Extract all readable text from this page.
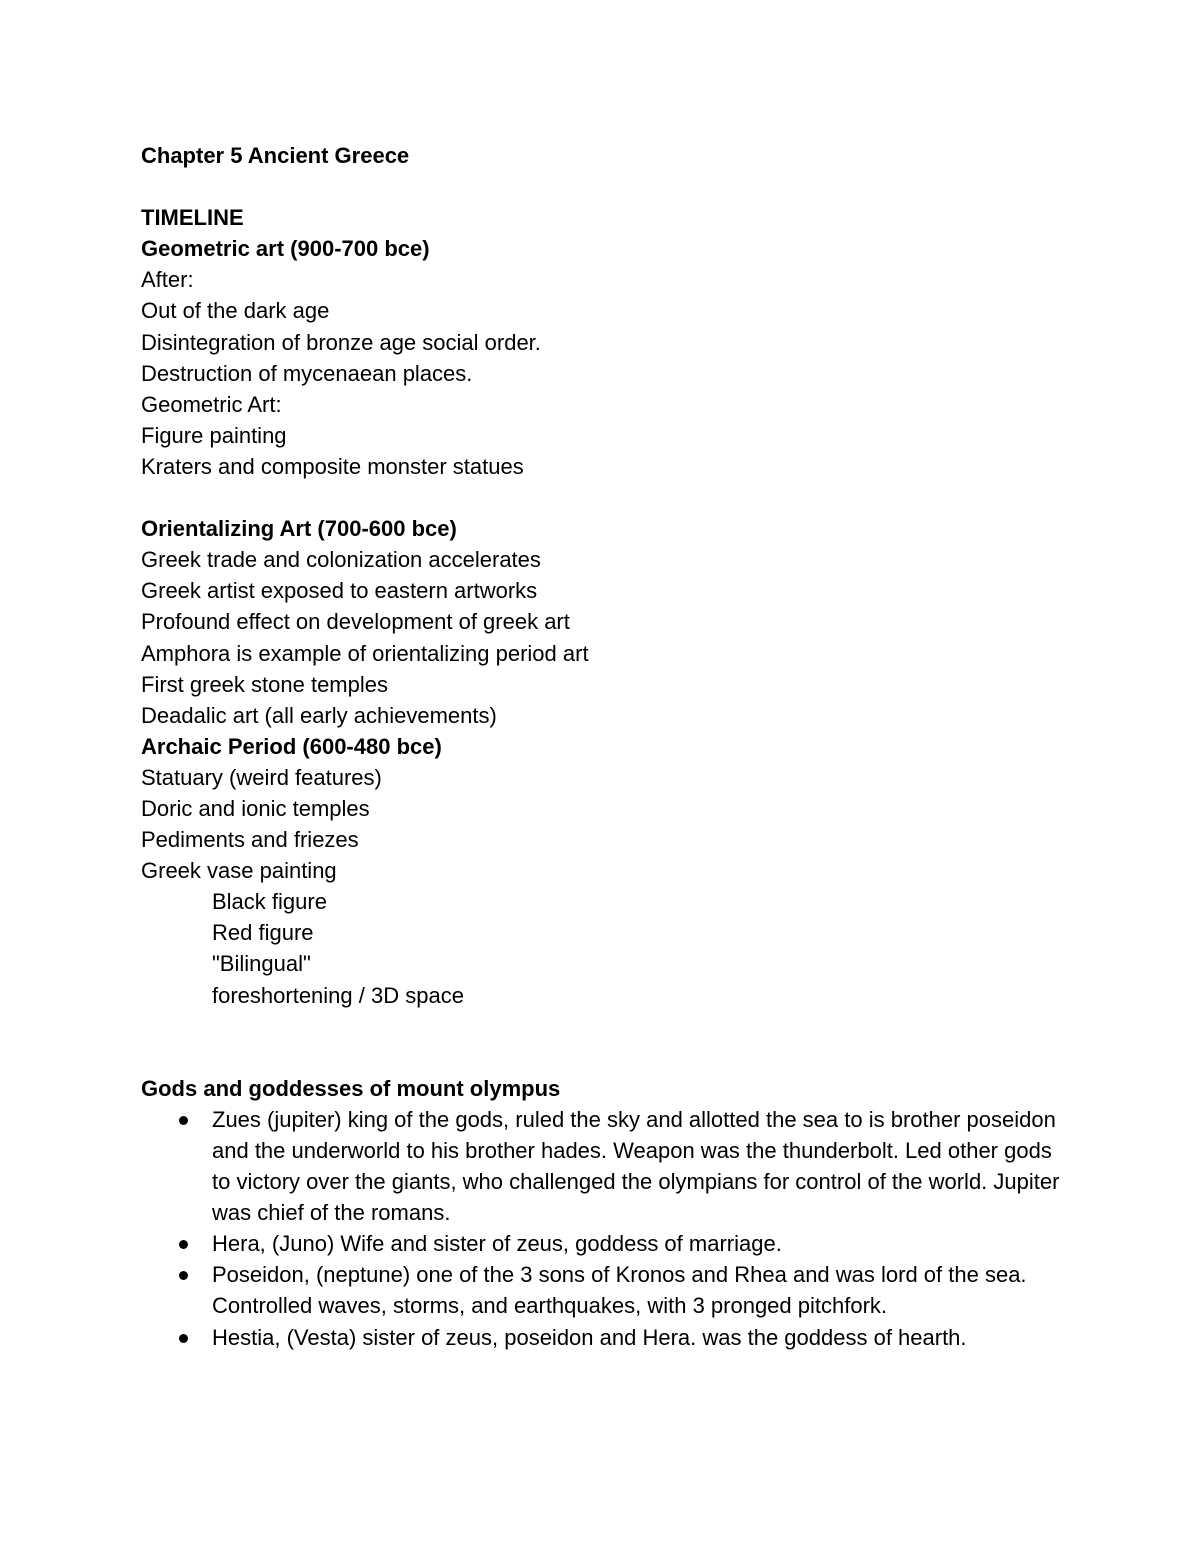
Chapter 5 Ancient Greece
TIMELINE
Geometric art (900-700 bce)
After:
Out of the dark age
Disintegration of bronze age social order.
Destruction of mycenaean places.
Geometric Art:
Figure painting
Kraters and composite monster statues
Orientalizing Art (700-600 bce)
Greek trade and colonization accelerates
Greek artist exposed to eastern artworks
Profound effect on development of greek art
Amphora is example of orientalizing period art
First greek stone temples
Deadalic art (all early achievements)
Archaic Period (600-480 bce)
Statuary (weird features)
Doric and ionic temples
Pediments and friezes
Greek vase painting
Black figure
Red figure
"Bilingual"
foreshortening / 3D space
Gods and goddesses of mount olympus
Zues (jupiter) king of the gods, ruled the sky and allotted the sea to is brother poseidon and the underworld to his brother hades. Weapon was the thunderbolt. Led other gods to victory over the giants, who challenged the olympians for control of the world. Jupiter was chief of the romans.
Hera, (Juno) Wife and sister of zeus, goddess of marriage.
Poseidon, (neptune) one of the 3 sons of Kronos and Rhea and was lord of the sea. Controlled waves, storms, and earthquakes, with 3 pronged pitchfork.
Hestia, (Vesta) sister of zeus, poseidon and Hera. was the goddess of hearth.
